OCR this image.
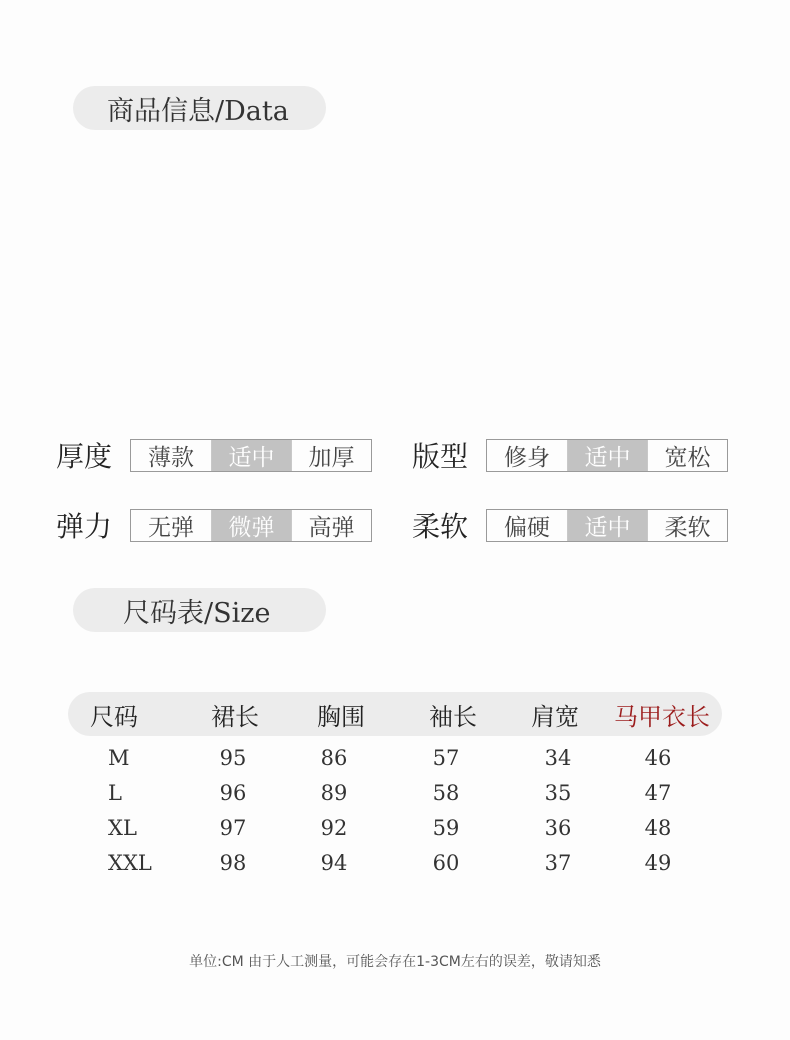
商品信息/Data
厚度	薄款	适中	加厚	版型	修身	适中	宽松
弹力	无弹	微弹	高弹	柔软	偏硬	适中	柔软
尺码表/Size
尺码	裙长	胸围	袖长	肩宽	马甲衣长
M	95	86	57	34	46
L	96	89	58	35	47
XL	97	92	59	36	48
XXL	98	94	60	37	49
单位:CM 由于人工测量，可能会存在1-3CM左右的误差，敬请知悉
